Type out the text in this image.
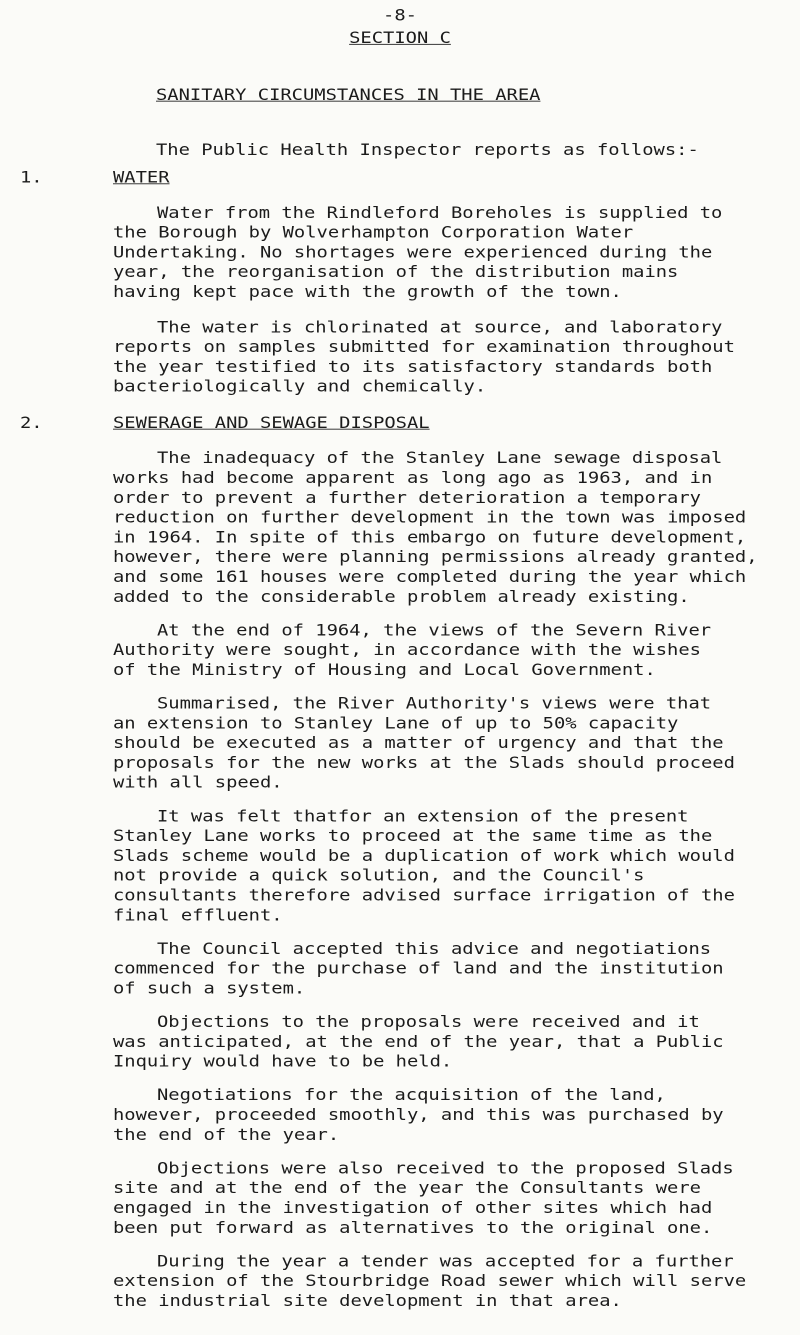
-8-
SECTION C
SANITARY CIRCUMSTANCES IN THE AREA
The Public Health Inspector reports as follows:-
1.	WATER
Water from the Rindleford Boreholes is supplied to
the Borough by Wolverhampton Corporation Water
Undertaking. No shortages were experienced during the
year, the reorganisation of the distribution mains
having kept pace with the growth of the town.
The water is chlorinated at source, and laboratory
reports on samples submitted for examination throughout
the year testified to its satisfactory standards both
bacteriologically and chemically.
2.	SEWERAGE AND SEWAGE DISPOSAL
The inadequacy of the Stanley Lane sewage disposal
works had become apparent as long ago as 1963, and in
order to prevent a further deterioration a temporary
reduction on further development in the town was imposed
in 1964. In spite of this embargo on future development,
however, there were planning permissions already granted,
and some 161 houses were completed during the year which
added to the considerable problem already existing.
At the end of 1964, the views of the Severn River
Authority were sought, in accordance with the wishes
of the Ministry of Housing and Local Government.
Summarised, the River Authority's views were that
an extension to Stanley Lane of up to 50% capacity
should be executed as a matter of urgency and that the
proposals for the new works at the Slads should proceed
with all speed.
It was felt thatfor an extension of the present
Stanley Lane works to proceed at the same time as the
Slads scheme would be a duplication of work which would
not provide a quick solution, and the Council's
consultants therefore advised surface irrigation of the
final effluent.
The Council accepted this advice and negotiations
commenced for the purchase of land and the institution
of such a system.
Objections to the proposals were received and it
was anticipated, at the end of the year, that a Public
Inquiry would have to be held.
Negotiations for the acquisition of the land,
however, proceeded smoothly, and this was purchased by
the end of the year.
Objections were also received to the proposed Slads
site and at the end of the year the Consultants were
engaged in the investigation of other sites which had
been put forward as alternatives to the original one.
During the year a tender was accepted for a further
extension of the Stourbridge Road sewer which will serve
the industrial site development in that area.
